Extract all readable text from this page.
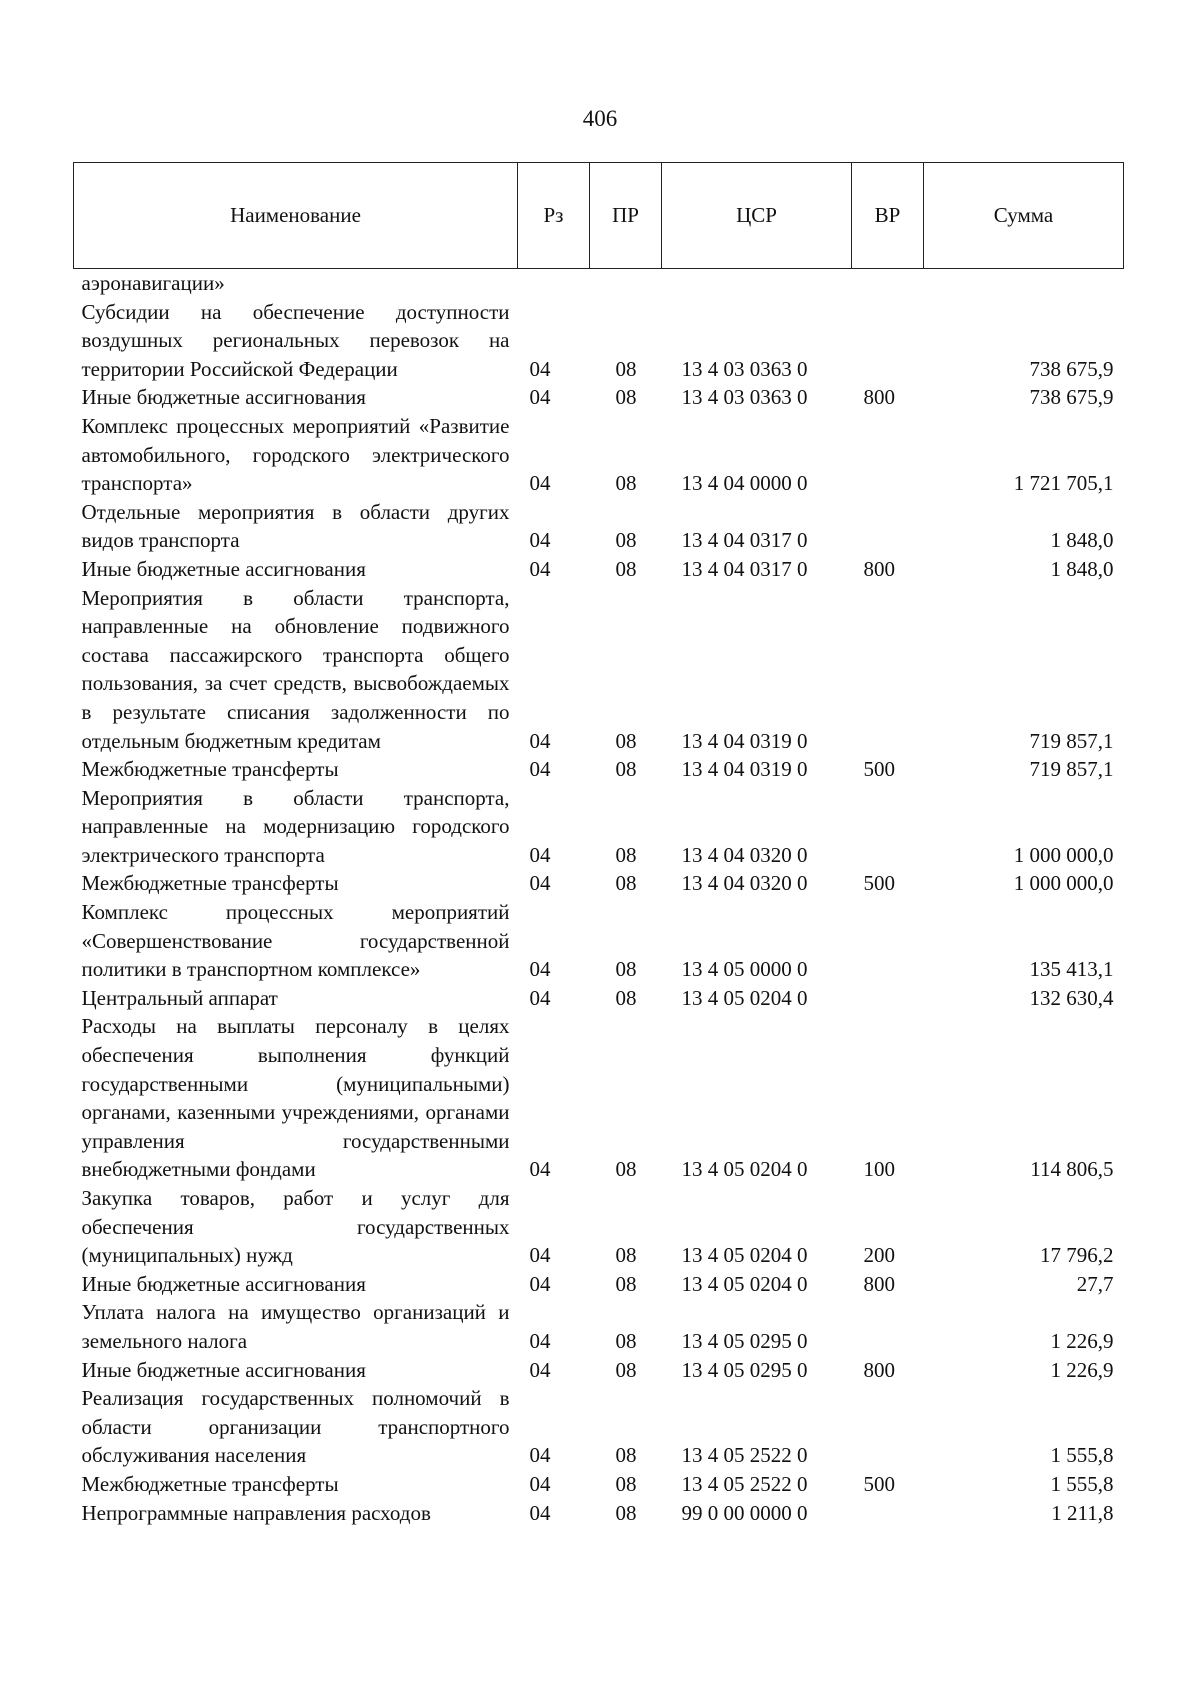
406
Наименование	Рз	ПР	ЦСР	ВР	Сумма
аэронавигации»					
Субсидии на обеспечение доступности воздушных региональных перевозок на территории Российской Федерации	04	08	13 4 03 0363 0		738 675,9
Иные бюджетные ассигнования	04	08	13 4 03 0363 0	800	738 675,9
Комплекс процессных мероприятий «Развитие автомобильного, городского электрического транспорта»	04	08	13 4 04 0000 0		1 721 705,1
Отдельные мероприятия в области других видов транспорта	04	08	13 4 04 0317 0		1 848,0
Иные бюджетные ассигнования	04	08	13 4 04 0317 0	800	1 848,0
Мероприятия в области транспорта, направленные на обновление подвижного состава пассажирского транспорта общего пользования, за счет средств, высвобождаемых в результате списания задолженности по отдельным бюджетным кредитам	04	08	13 4 04 0319 0		719 857,1
Межбюджетные трансферты	04	08	13 4 04 0319 0	500	719 857,1
Мероприятия в области транспорта, направленные на модернизацию городского электрического транспорта	04	08	13 4 04 0320 0		1 000 000,0
Межбюджетные трансферты	04	08	13 4 04 0320 0	500	1 000 000,0
Комплекс процессных мероприятий «Совершенствование государственной политики в транспортном комплексе»	04	08	13 4 05 0000 0		135 413,1
Центральный аппарат	04	08	13 4 05 0204 0		132 630,4
Расходы на выплаты персоналу в целях обеспечения выполнения функций государственными (муниципальными) органами, казенными учреждениями, органами управления государственными внебюджетными фондами	04	08	13 4 05 0204 0	100	114 806,5
Закупка товаров, работ и услуг для обеспечения государственных (муниципальных) нужд	04	08	13 4 05 0204 0	200	17 796,2
Иные бюджетные ассигнования	04	08	13 4 05 0204 0	800	27,7
Уплата налога на имущество организаций и земельного налога	04	08	13 4 05 0295 0		1 226,9
Иные бюджетные ассигнования	04	08	13 4 05 0295 0	800	1 226,9
Реализация государственных полномочий в области организации транспортного обслуживания населения	04	08	13 4 05 2522 0		1 555,8
Межбюджетные трансферты	04	08	13 4 05 2522 0	500	1 555,8
Непрограммные направления расходов	04	08	99 0 00 0000 0		1 211,8
